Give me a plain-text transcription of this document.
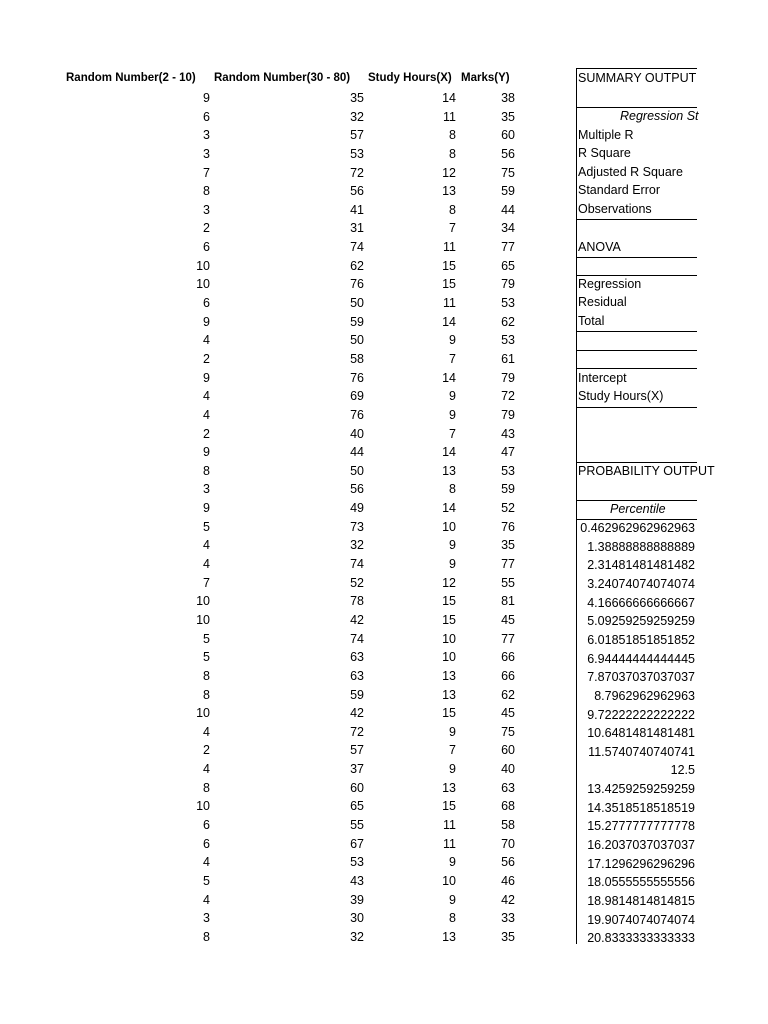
Random Number(2 - 10)	Random Number(30 - 80)	Study Hours(X) Marks(Y)
9	35	14	38
6	32	11	35
3	57	8	60
3	53	8	56
7	72	12	75
8	56	13	59
3	41	8	44
2	31	7	34
6	74	11	77
10	62	15	65
10	76	15	79
6	50	11	53
9	59	14	62
4	50	9	53
2	58	7	61
9	76	14	79
4	69	9	72
4	76	9	79
2	40	7	43
9	44	14	47
8	50	13	53
3	56	8	59
9	49	14	52
5	73	10	76
4	32	9	35
4	74	9	77
7	52	12	55
10	78	15	81
10	42	15	45
5	74	10	77
5	63	10	66
8	63	13	66
8	59	13	62
10	42	15	45
4	72	9	75
2	57	7	60
4	37	9	40
8	60	13	63
10	65	15	68
6	55	11	58
6	67	11	70
4	53	9	56
5	43	10	46
4	39	9	42
3	30	8	33
8	32	13	35
SUMMARY OUTPUT
Regression St
Multiple R
R Square
Adjusted R Square
Standard Error
Observations
ANOVA
Regression
Residual
Total
Intercept
Study Hours(X)
PROBABILITY OUTPUT
Percentile
0.462962962962963
1.38888888888889
2.31481481481482
3.24074074074074
4.16666666666667
5.09259259259259
6.01851851851852
6.94444444444445
7.87037037037037
8.7962962962963
9.72222222222222
10.6481481481481
11.5740740740741
12.5
13.4259259259259
14.3518518518519
15.2777777777778
16.2037037037037
17.1296296296296
18.0555555555556
18.9814814814815
19.9074074074074
20.8333333333333
